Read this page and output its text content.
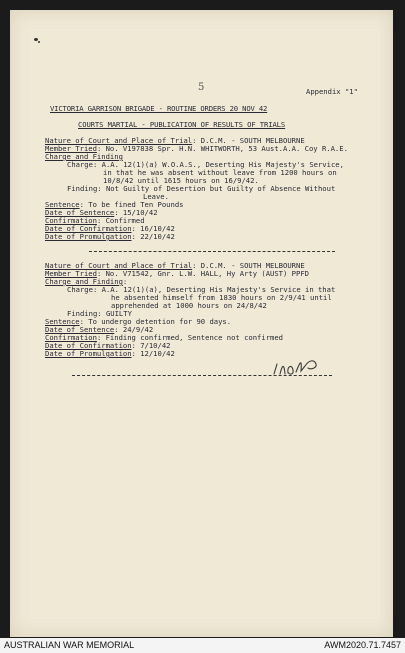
5	Appendix "1"
VICTORIA GARRISON BRIGADE - ROUTINE ORDERS 20 NOV 42
COURTS MARTIAL - PUBLICATION OF RESULTS OF TRIALS
Nature of Court and Place of Trial: D.C.M. - SOUTH MELBOURNE
Member Tried: No. V197838 Spr. H.N. WHITWORTH, 53 Aust.A.A. Coy R.A.E.
Charge and Finding
Charge: A.A. 12(1)(a) W.O.A.S., Deserting His Majesty's Service,
in that he was absent without leave from 1200 hours on
10/8/42 until 1615 hours on 16/9/42.
Finding: Not Guilty of Desertion but Guilty of Absence Without
Leave.
Sentence: To be fined Ten Pounds
Date of Sentence: 15/10/42
Confirmation: Confirmed
Date of Confirmation: 16/10/42
Date of Promulgation: 22/10/42
Nature of Court and Place of Trial: D.C.M. - SOUTH MELBOURNE
Member Tried: No. V71542, Gnr. L.W. HALL, Hy Arty (AUST) PPFD
Charge and Finding:
Charge: A.A. 12(1)(a), Deserting His Majesty's Service in that
he absented himself from 1830 hours on 2/9/41 until
apprehended at 1000 hours on 24/8/42
Finding: GUILTY
Sentence: To undergo detention for 90 days.
Date of Sentence: 24/9/42
Confirmation: Finding confirmed, Sentence not confirmed
Date of Confirmation: 7/10/42
Date of Promulgation: 12/10/42
AUSTRALIAN WAR MEMORIAL	AWM2020.71.7457
